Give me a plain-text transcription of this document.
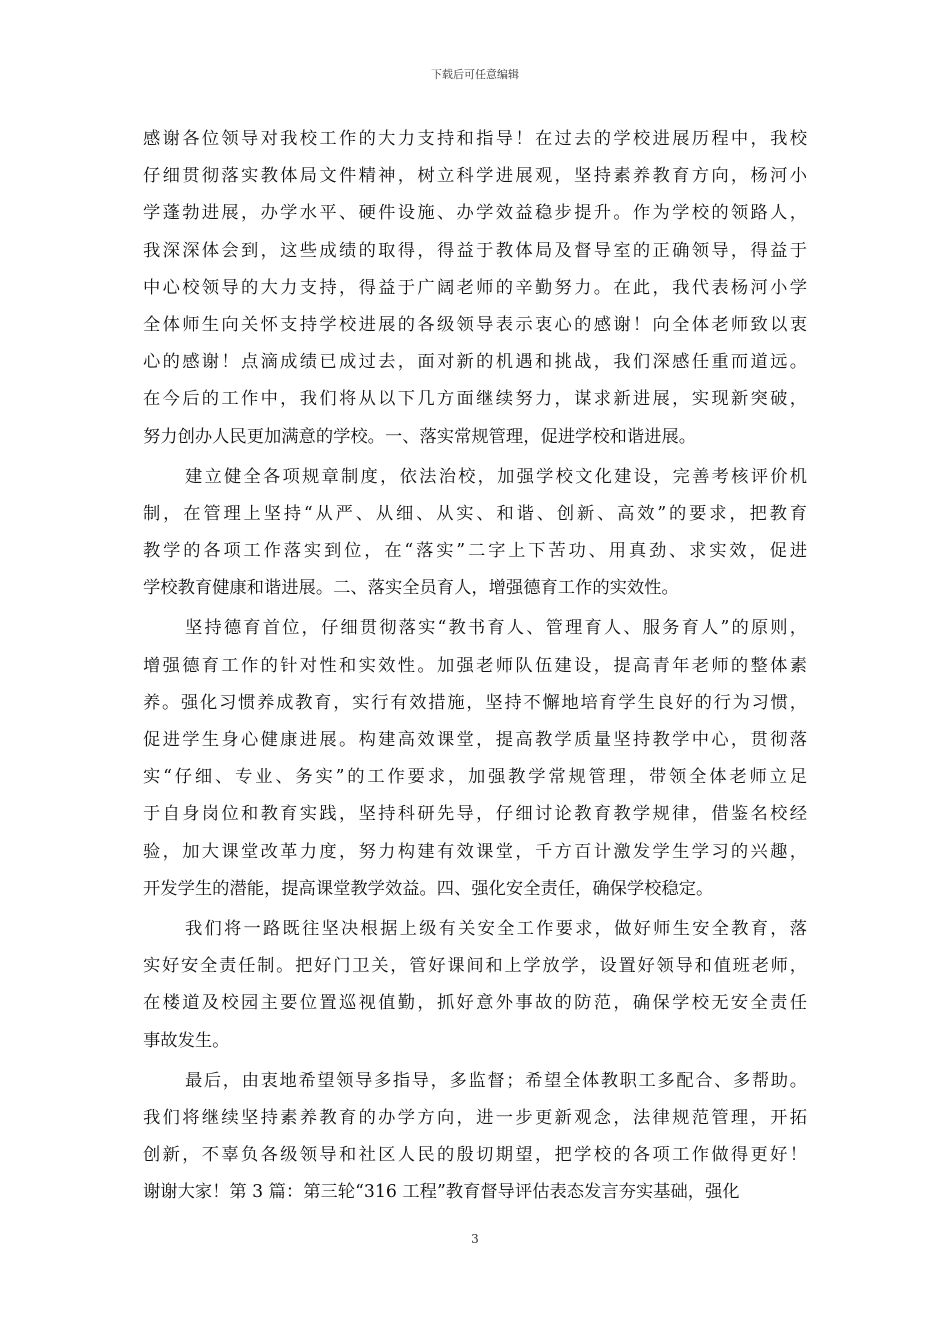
下载后可任意编辑
感谢各位领导对我校工作的大力支持和指导！在过去的学校进展历程中，我校
仔细贯彻落实教体局文件精神，树立科学进展观，坚持素养教育方向，杨河小
学蓬勃进展，办学水平、硬件设施、办学效益稳步提升。作为学校的领路人，
我深深体会到，这些成绩的取得，得益于教体局及督导室的正确领导，得益于
中心校领导的大力支持，得益于广阔老师的辛勤努力。在此，我代表杨河小学
全体师生向关怀支持学校进展的各级领导表示衷心的感谢！向全体老师致以衷
心的感谢！点滴成绩已成过去，面对新的机遇和挑战，我们深感任重而道远。
在今后的工作中，我们将从以下几方面继续努力，谋求新进展，实现新突破，
努力创办人民更加满意的学校。一、落实常规管理，促进学校和谐进展。
建立健全各项规章制度，依法治校，加强学校文化建设，完善考核评价机
制，在管理上坚持“从严、从细、从实、和谐、创新、高效”的要求，把教育
教学的各项工作落实到位，在“落实”二字上下苦功、用真劲、求实效，促进
学校教育健康和谐进展。二、落实全员育人，增强德育工作的实效性。
坚持德育首位，仔细贯彻落实“教书育人、管理育人、服务育人”的原则，
增强德育工作的针对性和实效性。加强老师队伍建设，提高青年老师的整体素
养。强化习惯养成教育，实行有效措施，坚持不懈地培育学生良好的行为习惯，
促进学生身心健康进展。构建高效课堂，提高教学质量坚持教学中心，贯彻落
实“仔细、专业、务实”的工作要求，加强教学常规管理，带领全体老师立足
于自身岗位和教育实践，坚持科研先导，仔细讨论教育教学规律，借鉴名校经
验，加大课堂改革力度，努力构建有效课堂，千方百计激发学生学习的兴趣，
开发学生的潜能，提高课堂教学效益。四、强化安全责任，确保学校稳定。
我们将一路既往坚决根据上级有关安全工作要求，做好师生安全教育，落
实好安全责任制。把好门卫关，管好课间和上学放学，设置好领导和值班老师，
在楼道及校园主要位置巡视值勤，抓好意外事故的防范，确保学校无安全责任
事故发生。
最后，由衷地希望领导多指导，多监督；希望全体教职工多配合、多帮助。
我们将继续坚持素养教育的办学方向，进一步更新观念，法律规范管理，开拓
创新，不辜负各级领导和社区人民的殷切期望，把学校的各项工作做得更好！
谢谢大家！第 3 篇：第三轮“316 工程”教育督导评估表态发言夯实基础，强化
3
